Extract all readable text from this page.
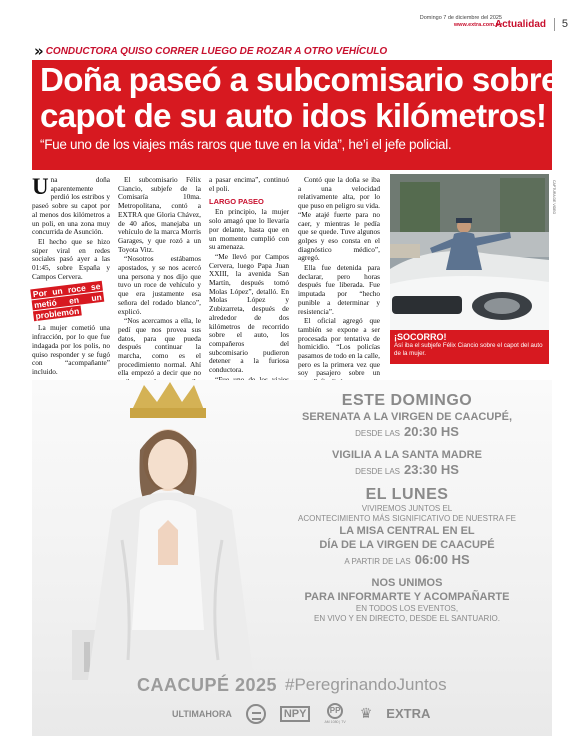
Domingo 7 de diciembre del 2025
www.extra.com.py
Actualidad 5
» CONDUCTORA QUISO CORRER LUEGO DE ROZAR A OTRO VEHÍCULO
Doña paseó a subcomisario sobre
capot de su auto idos kilómetros!
“Fue uno de los viajes más raros que tuve en la vida”, he’i el jefe policial.

Una doña aparentemente perdió los estribos y paseó sobre su capot por al menos dos kilómetros a un poli, en una zona muy concurrida de Asunción.

El hecho que se hizo súper viral en redes sociales pasó ayer a las 01:45, sobre España y Campos Cervera.

Por un roce se metió en un problemón

La mujer cometió una infracción, por lo que fue indagada por los polis, no quiso responder y se fugó con “acompañante” incluido.

El subcomisario Félix Ciancio, subjefe de la Comisaría 10ma. Metropolitana, contó a EXTRA que Gloria Chávez, de 40 años, manejaba un vehículo de la marca Morris Garages, y que rozó a un Toyota Vitz.

“Nosotros estábamos apostados, y se nos acercó una persona y nos dijo que tuvo un roce de vehículo y que era justamente esa señora del rodado blanco”, explicó.

“Nos acercamos a ella, le pedí que nos provea sus datos, para que pueda después continuar la marcha, como es el procedimiento normal. Ahí ella empezó a decir que no

a pasar encima”, continuó el poli.

LARGO PASEO

En principio, la mujer solo amagó que lo llevaría por delante, hasta que en un momento cumplió con su amenaza.

“Me llevó por Campos Cervera, luego Papa Juan XXIII, la avenida San Martín, después tomó Molas López”, detalló. En Molas López y Zubizarreta, después de alrededor de dos kilómetros de recorrido sobre el auto, los compañeros del subcomisario pudieron detener a la furiosa conductora.

Contó que la doña se iba a una velocidad relativamente alta, por lo que puso en peligro su vida. “Me atajé fuerte para no caer, y mientras le pedía que se quede. Tuve algunos golpes y eso consta en el diagnóstico médico”, agregó.

Ella fue detenida para declarar, pero horas después fue liberada. Fue imputada por “hecho punible a determinar y resistencia”.

El oficial agregó que también se expone a ser procesada por tentativa de homicidio. “Los policías pasamos de todo en la calle, pero es la primera vez que soy pasajero sobre un

CAPTURA DE VIDEO
¡SOCORRO!
Así iba el subjefe Félix Ciancio sobre el capot del auto de la mujer.
ESTE DOMINGO
SERENATA A LA VIRGEN DE CAACUPÉ,
DESDE LAS 20:30 HS
VIGILIA A LA SANTA MADRE
DESDE LAS 23:30 HS
EL LUNES
VIVIREMOS JUNTOS EL
ACONTECIMIENTO MÁS SIGNIFICATIVO DE NUESTRA FE
LA MISA CENTRAL EN EL
DÍA DE LA VIRGEN DE CAACUPÉ
A PARTIR DE LAS 06:00 HS
NOS UNIMOS
PARA INFORMARTE Y ACOMPAÑARTE
EN TODOS LOS EVENTOS,
EN VIVO Y EN DIRECTO, DESDE EL SANTUARIO.
CAACUPÉ 2025 #PeregrinandoJuntos
ULTIMAHORA	NPY	PP
AM 1080 | TV
♛ EXTRA
